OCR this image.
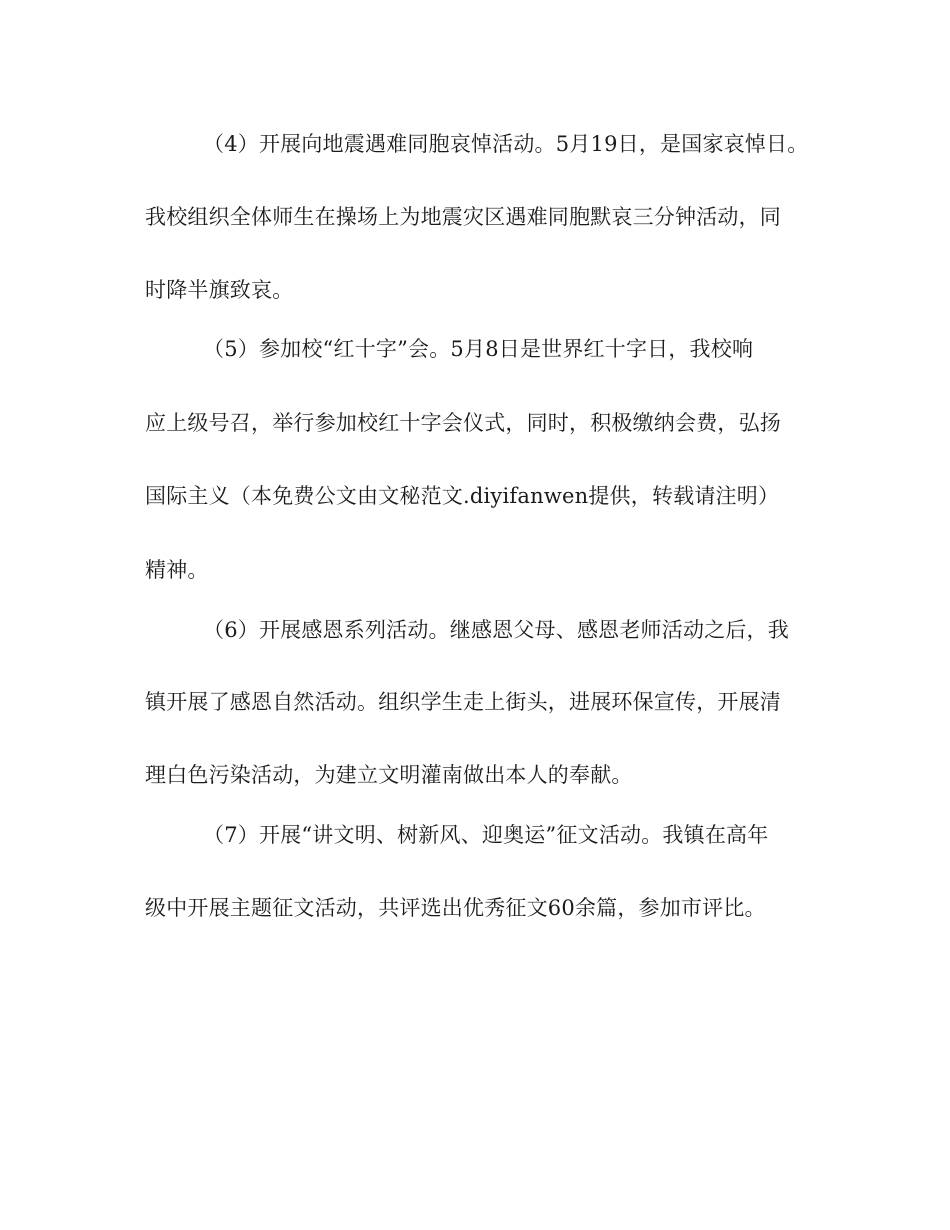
（4）开展向地震遇难同胞哀悼活动。5月19日，是国家哀悼日。
我校组织全体师生在操场上为地震灾区遇难同胞默哀三分钟活动，同
时降半旗致哀。
（5）参加校“红十字”会。5月8日是世界红十字日，我校响
应上级号召，举行参加校红十字会仪式，同时，积极缴纳会费，弘扬
国际主义（本免费公文由文秘范文.diyifanwen提供，转载请注明）
精神。
（6）开展感恩系列活动。继感恩父母、感恩老师活动之后，我
镇开展了感恩自然活动。组织学生走上街头，进展环保宣传，开展清
理白色污染活动，为建立文明灌南做出本人的奉献。
（7）开展“讲文明、树新风、迎奥运”征文活动。我镇在高年
级中开展主题征文活动，共评选出优秀征文60余篇，参加市评比。
